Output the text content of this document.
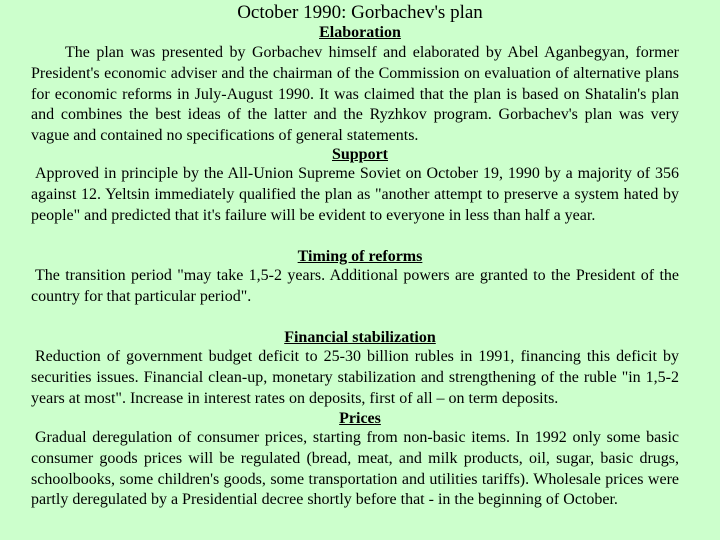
October 1990: Gorbachev's plan
Elaboration
The plan was presented by Gorbachev himself and elaborated by Abel Aganbegyan, former President's economic adviser and the chairman of the Commission on evaluation of alternative plans for economic reforms in July-August 1990. It was claimed that the plan is based on Shatalin's plan and combines the best ideas of the latter and the Ryzhkov program. Gorbachev's plan was very vague and contained no specifications of general statements.
Support
Approved in principle by the All-Union Supreme Soviet on October 19, 1990 by a majority of 356 against 12. Yeltsin immediately qualified the plan as "another attempt to preserve a system hated by people" and predicted that it's failure will be evident to everyone in less than half a year.
Timing of reforms
The transition period "may take 1,5-2 years. Additional powers are granted to the President of the country for that particular period".
Financial stabilization
Reduction of government budget deficit to 25-30 billion rubles in 1991, financing this deficit by securities issues. Financial clean-up, monetary stabilization and strengthening of the ruble "in 1,5-2 years at most". Increase in interest rates on deposits, first of all – on term deposits.
Prices
Gradual deregulation of consumer prices, starting from non-basic items. In 1992 only some basic consumer goods prices will be regulated (bread, meat, and milk products, oil, sugar, basic drugs, schoolbooks, some children's goods, some transportation and utilities tariffs). Wholesale prices were partly deregulated by a Presidential decree shortly before that - in the beginning of October.
